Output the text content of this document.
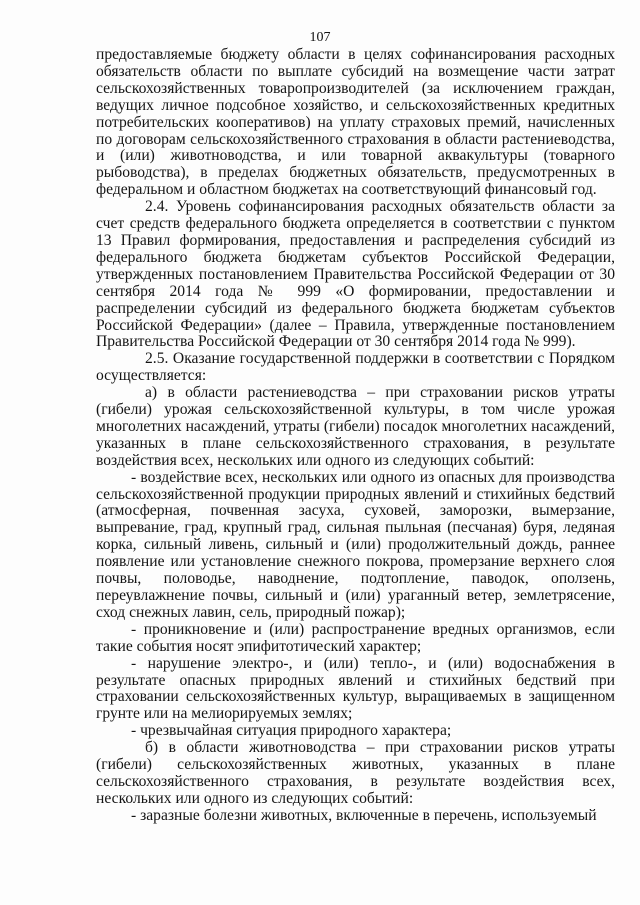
107

предоставляемые бюджету области в целях софинансирования расходных обязательств области по выплате субсидий на возмещение части затрат сельскохозяйственных товаропроизводителей (за исключением граждан, ведущих личное подсобное хозяйство, и сельскохозяйственных кредитных потребительских кооперативов) на уплату страховых премий, начисленных по договорам сельскохозяйственного страхования в области растениеводства, и (или) животноводства, и или товарной аквакультуры (товарного рыбоводства), в пределах бюджетных обязательств, предусмотренных в федеральном и областном бюджетах на соответствующий финансовый год.

2.4. Уровень софинансирования расходных обязательств области за счет средств федерального бюджета определяется в соответствии с пунктом 13 Правил формирования, предоставления и распределения субсидий из федерального бюджета бюджетам субъектов Российской Федерации, утвержденных постановлением Правительства Российской Федерации от 30 сентября 2014 года № 999 «О формировании, предоставлении и распределении субсидий из федерального бюджета бюджетам субъектов Российской Федерации» (далее – Правила, утвержденные постановлением Правительства Российской Федерации от 30 сентября 2014 года № 999).

2.5. Оказание государственной поддержки в соответствии с Порядком осуществляется:

а) в области растениеводства – при страховании рисков утраты (гибели) урожая сельскохозяйственной культуры, в том числе урожая многолетних насаждений, утраты (гибели) посадок многолетних насаждений, указанных в плане сельскохозяйственного страхования, в результате воздействия всех, нескольких или одного из следующих событий:

- воздействие всех, нескольких или одного из опасных для производства сельскохозяйственной продукции природных явлений и стихийных бедствий (атмосферная, почвенная засуха, суховей, заморозки, вымерзание, выпревание, град, крупный град, сильная пыльная (песчаная) буря, ледяная корка, сильный ливень, сильный и (или) продолжительный дождь, раннее появление или установление снежного покрова, промерзание верхнего слоя почвы, половодье, наводнение, подтопление, паводок, оползень, переувлажнение почвы, сильный и (или) ураганный ветер, землетрясение, сход снежных лавин, сель, природный пожар);

- проникновение и (или) распространение вредных организмов, если такие события носят эпифитотический характер;

- нарушение электро-, и (или) тепло-, и (или) водоснабжения в результате опасных природных явлений и стихийных бедствий при страховании сельскохозяйственных культур, выращиваемых в защищенном грунте или на мелиорируемых землях;

- чрезвычайная ситуация природного характера;

б) в области животноводства – при страховании рисков утраты (гибели) сельскохозяйственных животных, указанных в плане сельскохозяйственного страхования, в результате воздействия всех, нескольких или одного из следующих событий:

- заразные болезни животных, включенные в перечень, используемый
